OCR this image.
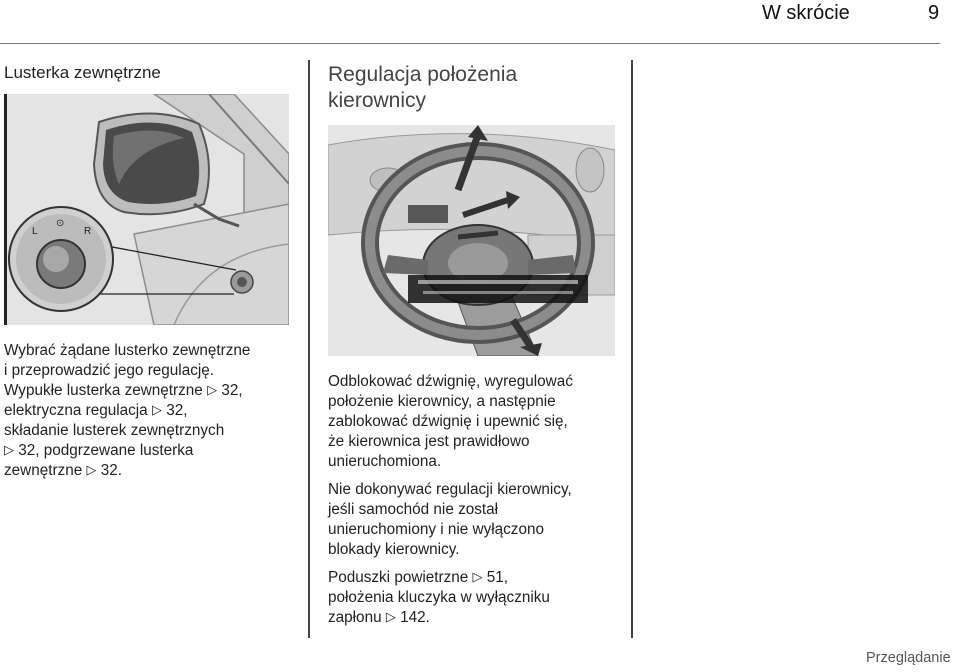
W skrócie	9
Lusterka zewnętrzne
L
⊙
R
Wybrać żądane lusterko zewnętrzne
i przeprowadzić jego regulację.
Wypukłe lusterka zewnętrzne ▷ 32,
elektryczna regulacja ▷ 32,
składanie lusterek zewnętrznych
▷ 32, podgrzewane lusterka
zewnętrzne ▷ 32.
Regulacja położenia
kierownicy
Odblokować dźwignię, wyregulować
położenie kierownicy, a następnie
zablokować dźwignię i upewnić się,
że kierownica jest prawidłowo
unieruchomiona.
Nie dokonywać regulacji kierownicy,
jeśli samochód nie został
unieruchomiony i nie wyłączono
blokady kierownicy.
Poduszki powietrzne ▷ 51,
położenia kluczyka w wyłączniku
zapłonu ▷ 142.
Przeglądanie
